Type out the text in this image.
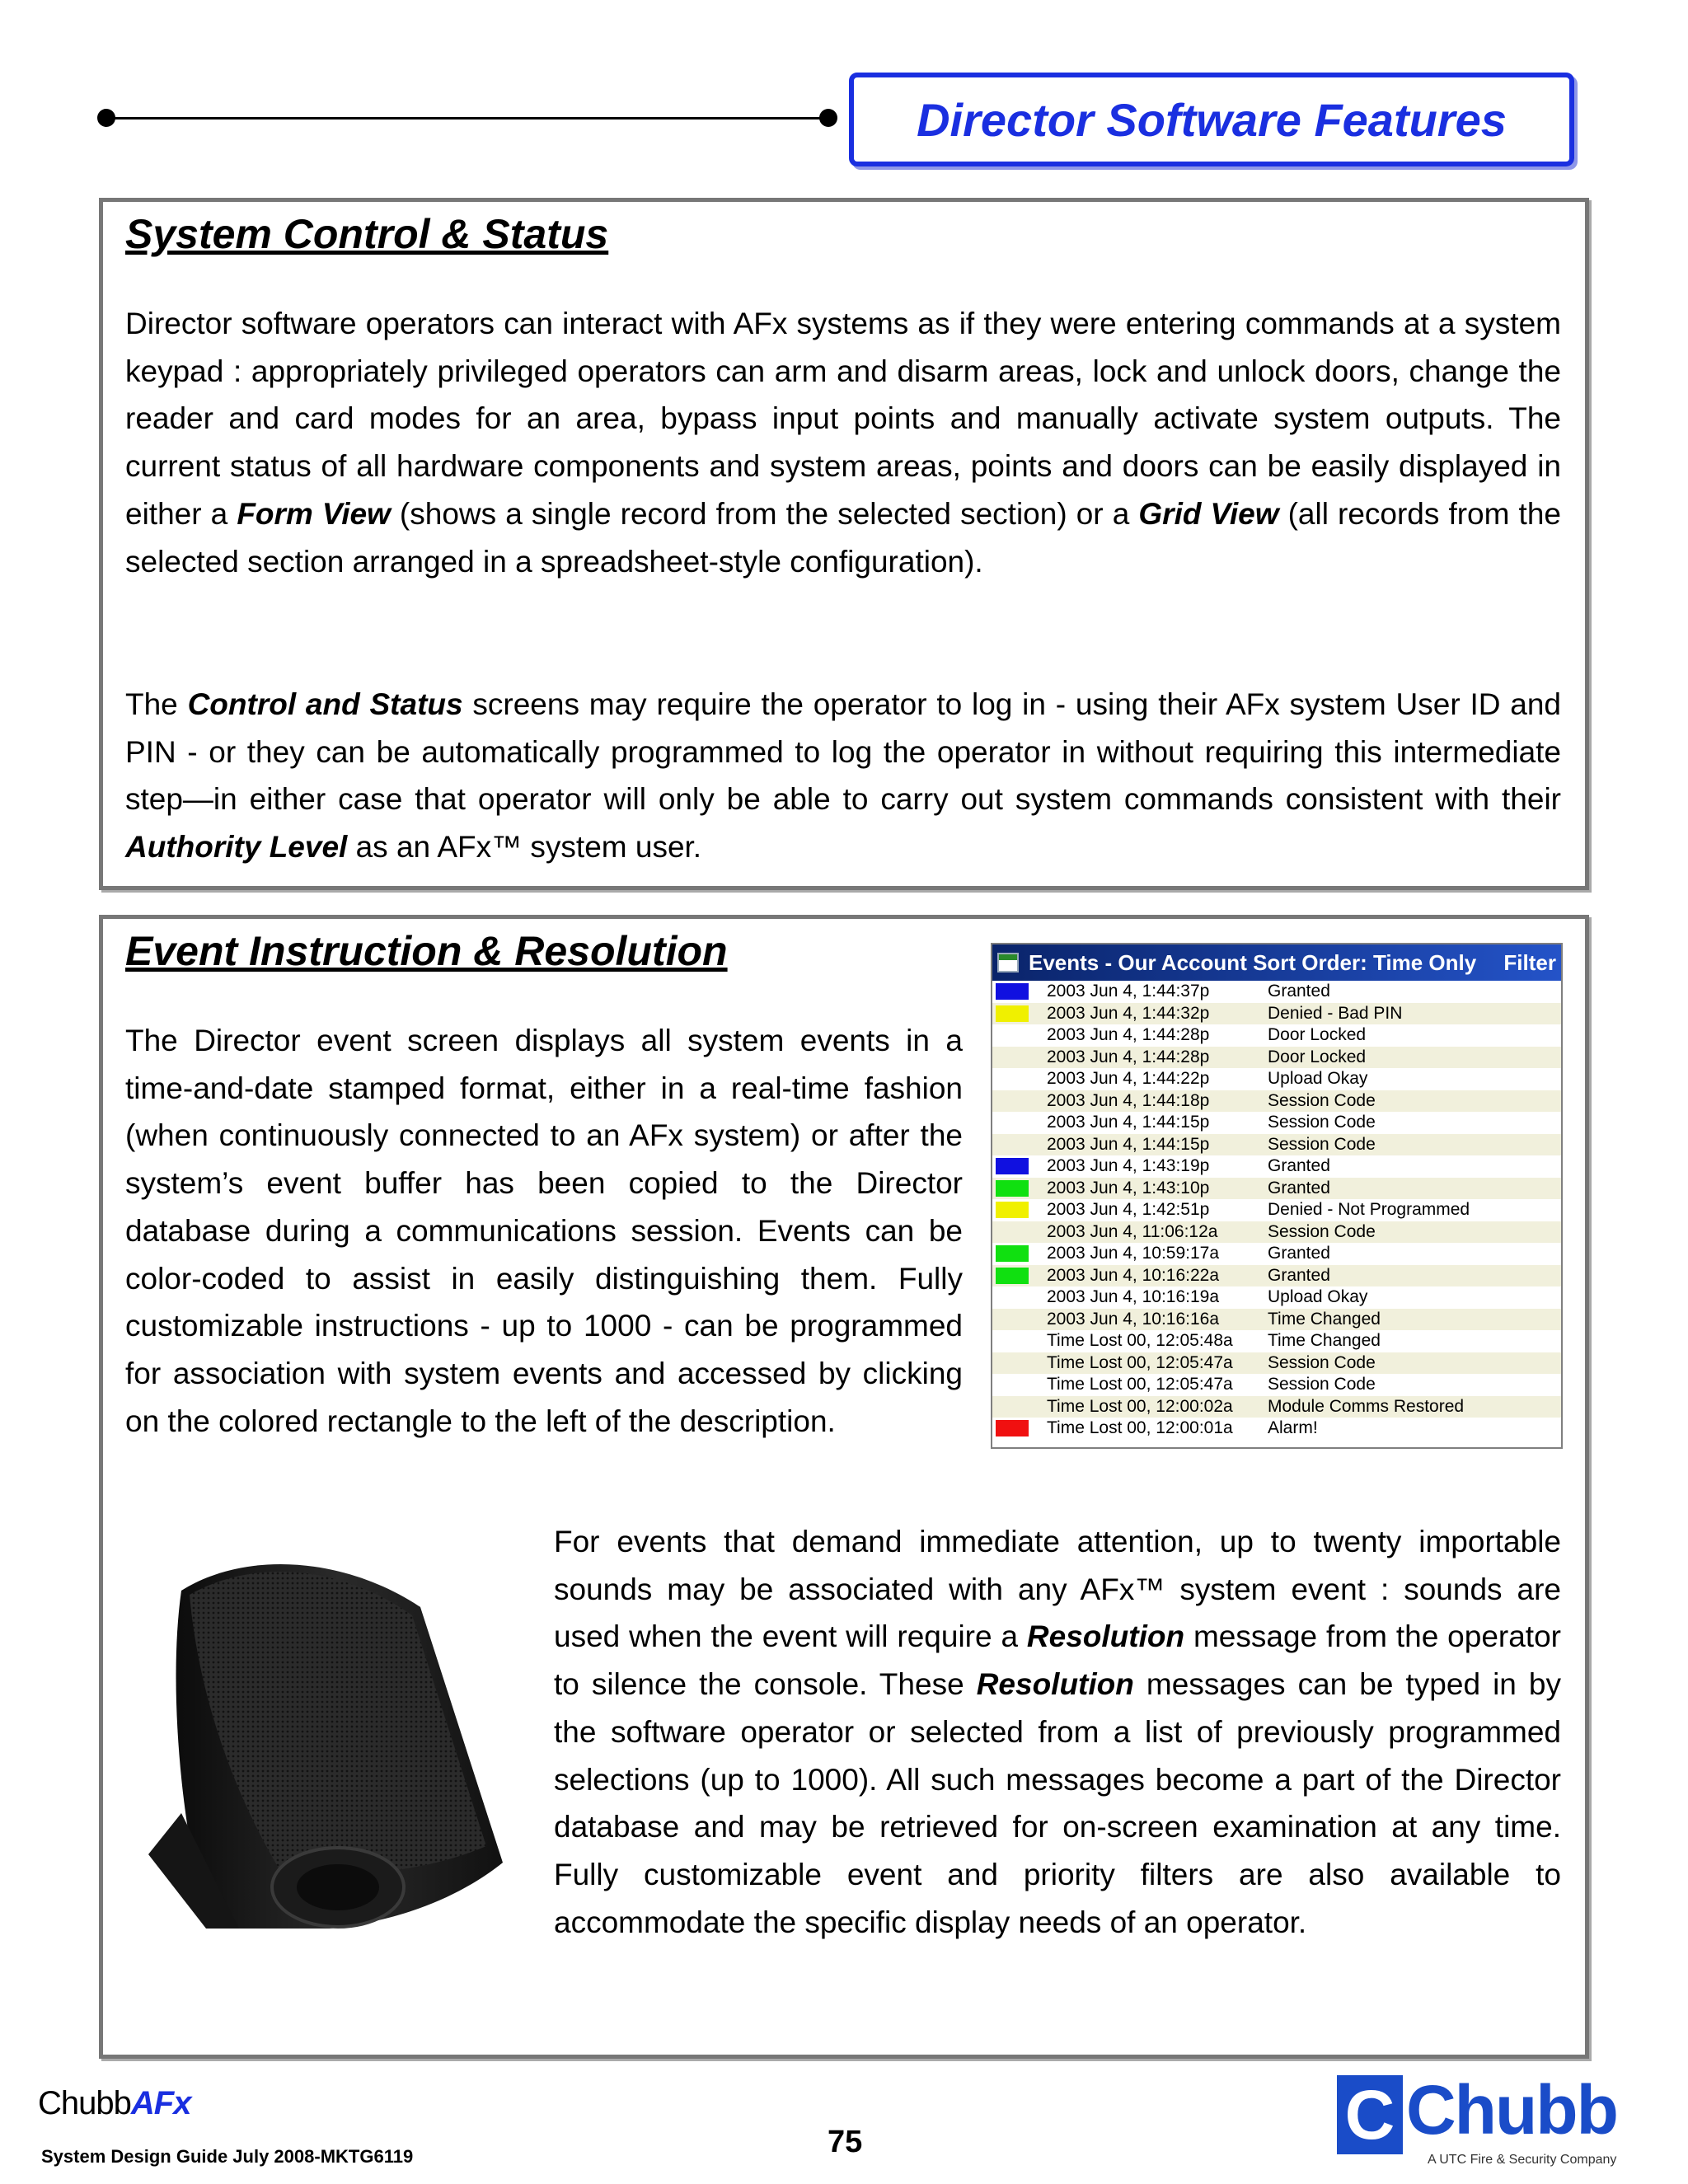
Director Software Features
System Control & Status

Director software operators can interact with AFx systems as if they were entering commands at a system keypad : appropriately privileged operators can arm and disarm areas, lock and unlock doors, change the reader and card modes for an area, bypass input points and manually activate system outputs. The current status of all hardware components and system areas, points and doors can be easily displayed in either a Form View (shows a single record from the selected section) or a Grid View (all records from the selected section arranged in a spreadsheet-style configuration).

The Control and Status screens may require the operator to log in - using their AFx system User ID and PIN - or they can be automatically programmed to log the operator in without requiring this intermediate step—in either case that operator will only be able to carry out system commands consistent with their Authority Level as an AFx™ system user.

Event Instruction & Resolution

The Director event screen displays all system events in a time-and-date stamped format, either in a real-time fashion (when continuously connected to an AFx system) or after the system’s event buffer has been copied to the Director database during a communications session. Events can be color-coded to assist in easily distinguishing them. Fully customizable instructions - up to 1000 - can be programmed for association with system events and accessed by clicking on the colored rectangle to the left of the description.

Events - Our Account Sort Order: Time Only	Filter
2003 Jun 4, 1:44:37p	Granted
2003 Jun 4, 1:44:32p	Denied - Bad PIN
2003 Jun 4, 1:44:28p	Door Locked
2003 Jun 4, 1:44:28p	Door Locked
2003 Jun 4, 1:44:22p	Upload Okay
2003 Jun 4, 1:44:18p	Session Code
2003 Jun 4, 1:44:15p	Session Code
2003 Jun 4, 1:44:15p	Session Code
2003 Jun 4, 1:43:19p	Granted
2003 Jun 4, 1:43:10p	Granted
2003 Jun 4, 1:42:51p	Denied - Not Programmed
2003 Jun 4, 11:06:12a	Session Code
2003 Jun 4, 10:59:17a	Granted
2003 Jun 4, 10:16:22a	Granted
2003 Jun 4, 10:16:19a	Upload Okay
2003 Jun 4, 10:16:16a	Time Changed
Time Lost 00, 12:05:48a	Time Changed
Time Lost 00, 12:05:47a	Session Code
Time Lost 00, 12:05:47a	Session Code
Time Lost 00, 12:00:02a	Module Comms Restored
Time Lost 00, 12:00:01a	Alarm!

For events that demand immediate attention, up to twenty importable sounds may be associated with any AFx™ system event : sounds are used when the event will require a Resolution message from the operator to silence the console. These Resolution messages can be typed in by the software operator or selected from a list of previously programmed selections (up to 1000). All such messages become a part of the Director database and may be retrieved for on-screen examination at any time. Fully customizable event and priority filters are also available to accommodate the specific display needs of an operator.

ChubbAFx
System Design Guide July 2008-MKTG6119	75	C Chubb
A UTC Fire & Security Company
